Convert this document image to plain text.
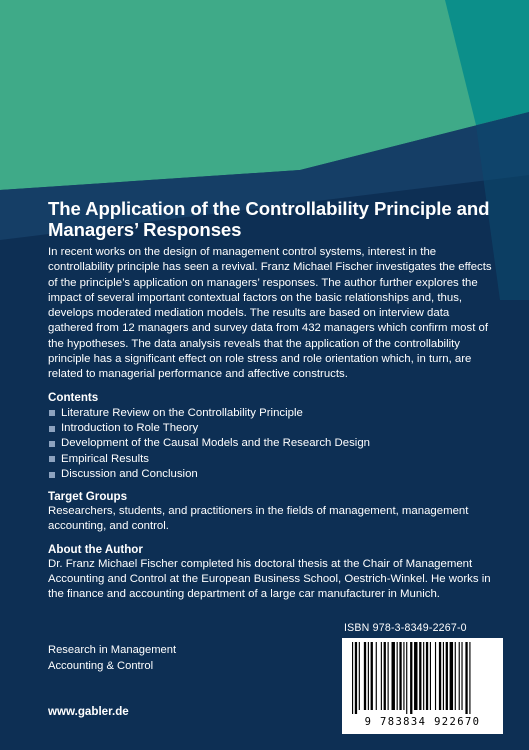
The Application of the Controllability Principle and Managers’ Responses

In recent works on the design of management control systems, interest in the controllability principle has seen a revival. Franz Michael Fischer investigates the effects of the principle’s application on managers’ responses. The author further explores the impact of several important contextual factors on the basic relationships and, thus, develops moderated mediation models. The results are based on interview data gathered from 12 managers and survey data from 432 managers which confirm most of the hypotheses. The data analysis reveals that the application of the controllability principle has a significant effect on role stress and role orientation which, in turn, are related to managerial performance and affective constructs.

Contents
Literature Review on the Controllability Principle
Introduction to Role Theory
Development of the Causal Models and the Research Design
Empirical Results
Discussion and Conclusion
Target Groups

Researchers, students, and practitioners in the fields of management, management accounting, and control.

About the Author

Dr. Franz Michael Fischer completed his doctoral thesis at the Chair of Management Accounting and Control at the European Business School, Oestrich-Winkel. He works in the finance and accounting department of a large car manufacturer in Munich.

ISBN 978-3-8349-2267-0
9 783834 922670
Research in Management
Accounting & Control
www.gabler.de
